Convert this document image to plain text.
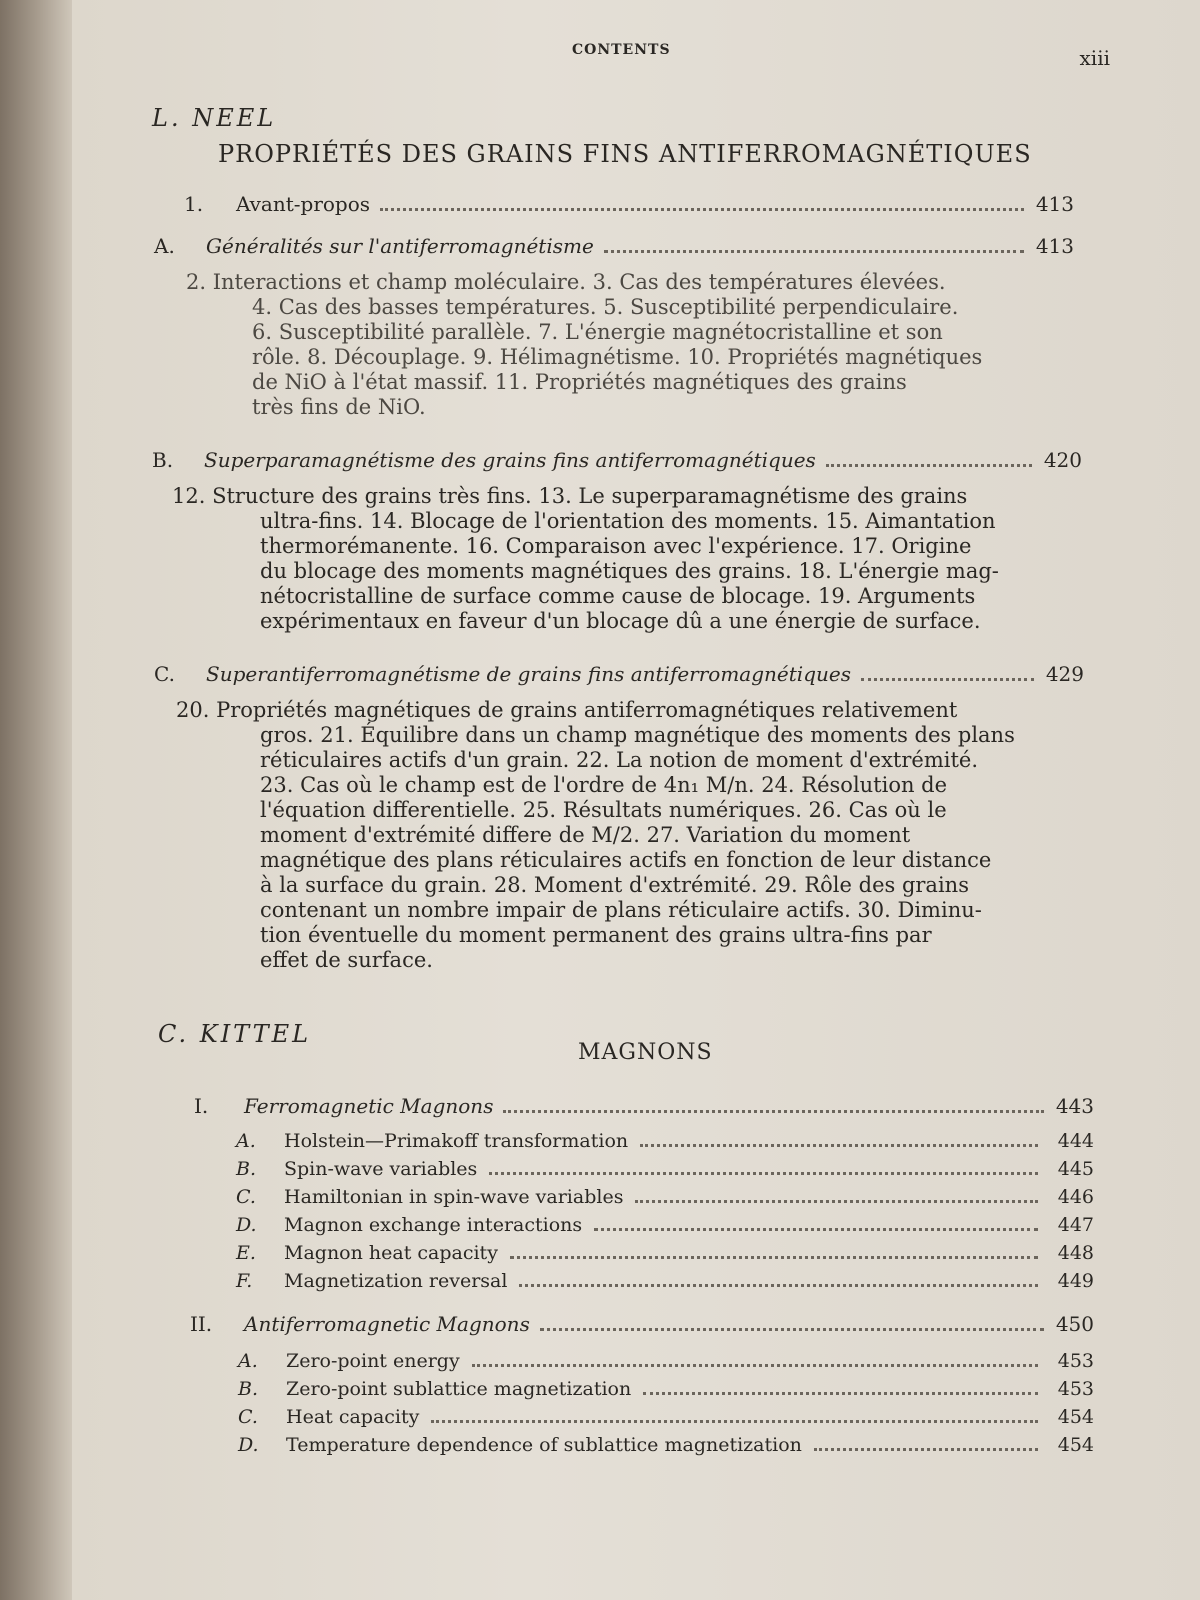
CONTENTS	xiii
L. NEEL
PROPRIÉTÉS DES GRAINS FINS ANTIFERROMAGNÉTIQUES
1.	Avant-propos	413
A.	Généralités sur l'antiferromagnétisme	413
2. Interactions et champ moléculaire. 3. Cas des températures élevées.
4. Cas des basses températures. 5. Susceptibilité perpendiculaire.
6. Susceptibilité parallèle. 7. L'énergie magnétocristalline et son
rôle. 8. Découplage. 9. Hélimagnétisme. 10. Propriétés magnétiques
de NiO à l'état massif. 11. Propriétés magnétiques des grains
très fins de NiO.
B.	Superparamagnétisme des grains fins antiferromagnétiques	420
12. Structure des grains très fins. 13. Le superparamagnétisme des grains
ultra-fins. 14. Blocage de l'orientation des moments. 15. Aimantation
thermorémanente. 16. Comparaison avec l'expérience. 17. Origine
du blocage des moments magnétiques des grains. 18. L'énergie mag-
nétocristalline de surface comme cause de blocage. 19. Arguments
expérimentaux en faveur d'un blocage dû a une énergie de surface.
C.	Superantiferromagnétisme de grains fins antiferromagnétiques	429
20. Propriétés magnétiques de grains antiferromagnétiques relativement
gros. 21. Équilibre dans un champ magnétique des moments des plans
réticulaires actifs d'un grain. 22. La notion de moment d'extrémité.
23. Cas où le champ est de l'ordre de 4n₁ M/n. 24. Résolution de
l'équation differentielle. 25. Résultats numériques. 26. Cas où le
moment d'extrémité differe de M/2. 27. Variation du moment
magnétique des plans réticulaires actifs en fonction de leur distance
à la surface du grain. 28. Moment d'extrémité. 29. Rôle des grains
contenant un nombre impair de plans réticulaire actifs. 30. Diminu-
tion éventuelle du moment permanent des grains ultra-fins par
effet de surface.
C. KITTEL
MAGNONS
I.	Ferromagnetic Magnons	443
A.	Holstein—Primakoff transformation	444
B.	Spin-wave variables	445
C.	Hamiltonian in spin-wave variables	446
D.	Magnon exchange interactions	447
E.	Magnon heat capacity	448
F.	Magnetization reversal	449
II.	Antiferromagnetic Magnons	450
A.	Zero-point energy	453
B.	Zero-point sublattice magnetization	453
C.	Heat capacity	454
D.	Temperature dependence of sublattice magnetization	454
